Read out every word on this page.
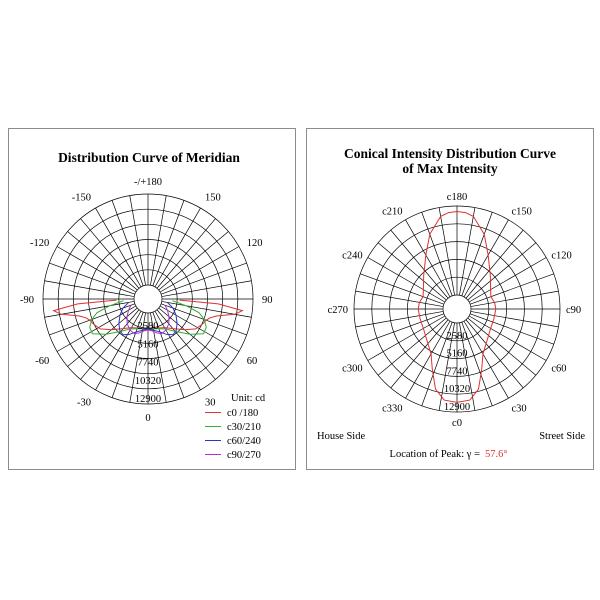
Distribution Curve of Meridian
-/+180
150
120
90
60
30
0
-30
-60
-90
-120
-150
2580
5160
7740
10320
12900	Unit: cd
c0 /180
c30/210
c60/240
c90/270
Conical Intensity Distribution Curve
of Max Intensity
c180
c150
c120
c90
c60
c30
c0
c330
c300
c270
c240
c210
2580
5160
7740
10320
12900
House Side	Street Side
Location of Peak: γ = 57.6°
